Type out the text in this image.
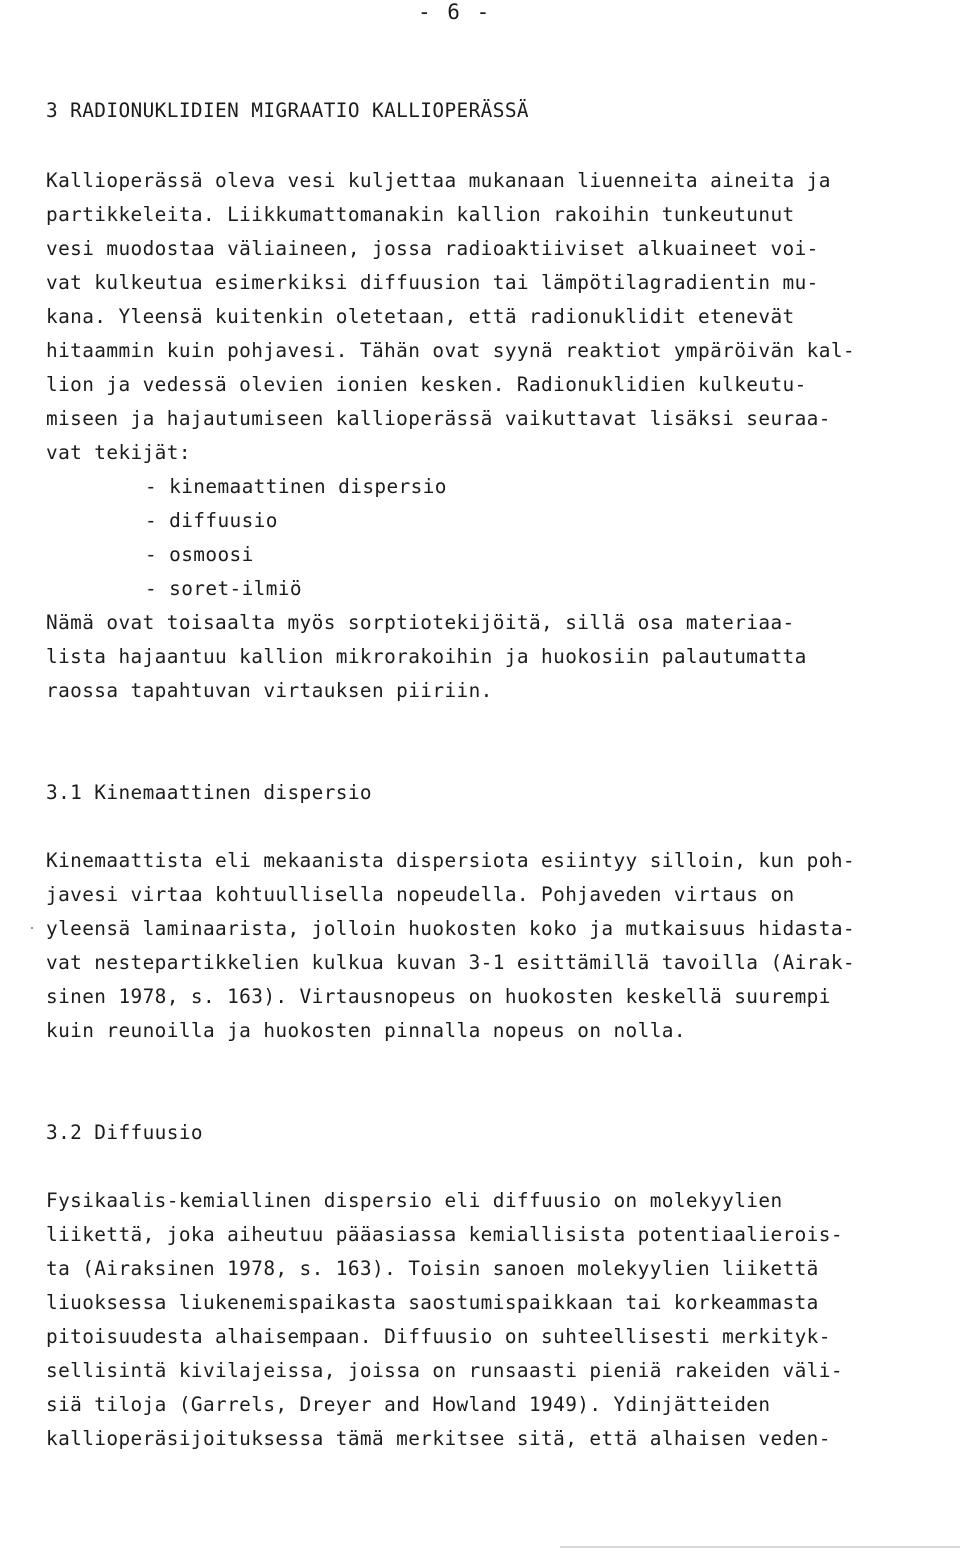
- 6 -
3 RADIONUKLIDIEN MIGRAATIO KALLIOPERÄSSÄ
Kallioperässä oleva vesi kuljettaa mukanaan liuenneita aineita ja
partikkeleita. Liikkumattomanakin kallion rakoihin tunkeutunut
vesi muodostaa väliaineen, jossa radioaktiiviset alkuaineet voi-
vat kulkeutua esimerkiksi diffuusion tai lämpötilagradientin mu-
kana. Yleensä kuitenkin oletetaan, että radionuklidit etenevät
hitaammin kuin pohjavesi. Tähän ovat syynä reaktiot ympäröivän kal-
lion ja vedessä olevien ionien kesken. Radionuklidien kulkeutu-
miseen ja hajautumiseen kallioperässä vaikuttavat lisäksi seuraa-
vat tekijät:
- kinemaattinen dispersio
- diffuusio
- osmoosi
- soret-ilmiö
Nämä ovat toisaalta myös sorptiotekijöitä, sillä osa materiaa-
lista hajaantuu kallion mikrorakoihin ja huokosiin palautumatta
raossa tapahtuvan virtauksen piiriin.
3.1 Kinemaattinen dispersio
Kinemaattista eli mekaanista dispersiota esiintyy silloin, kun poh-
javesi virtaa kohtuullisella nopeudella. Pohjaveden virtaus on
yleensä laminaarista, jolloin huokosten koko ja mutkaisuus hidasta-
vat nestepartikkelien kulkua kuvan 3-1 esittämillä tavoilla (Airak-
sinen 1978, s. 163). Virtausnopeus on huokosten keskellä suurempi
kuin reunoilla ja huokosten pinnalla nopeus on nolla.
3.2 Diffuusio
Fysikaalis-kemiallinen dispersio eli diffuusio on molekyylien
liikettä, joka aiheutuu pääasiassa kemiallisista potentiaalierois-
ta (Airaksinen 1978, s. 163). Toisin sanoen molekyylien liikettä
liuoksessa liukenemispaikasta saostumispaikkaan tai korkeammasta
pitoisuudesta alhaisempaan. Diffuusio on suhteellisesti merkityk-
sellisintä kivilajeissa, joissa on runsaasti pieniä rakeiden väli-
siä tiloja (Garrels, Dreyer and Howland 1949). Ydinjätteiden
kallioperäsijoituksessa tämä merkitsee sitä, että alhaisen veden-
